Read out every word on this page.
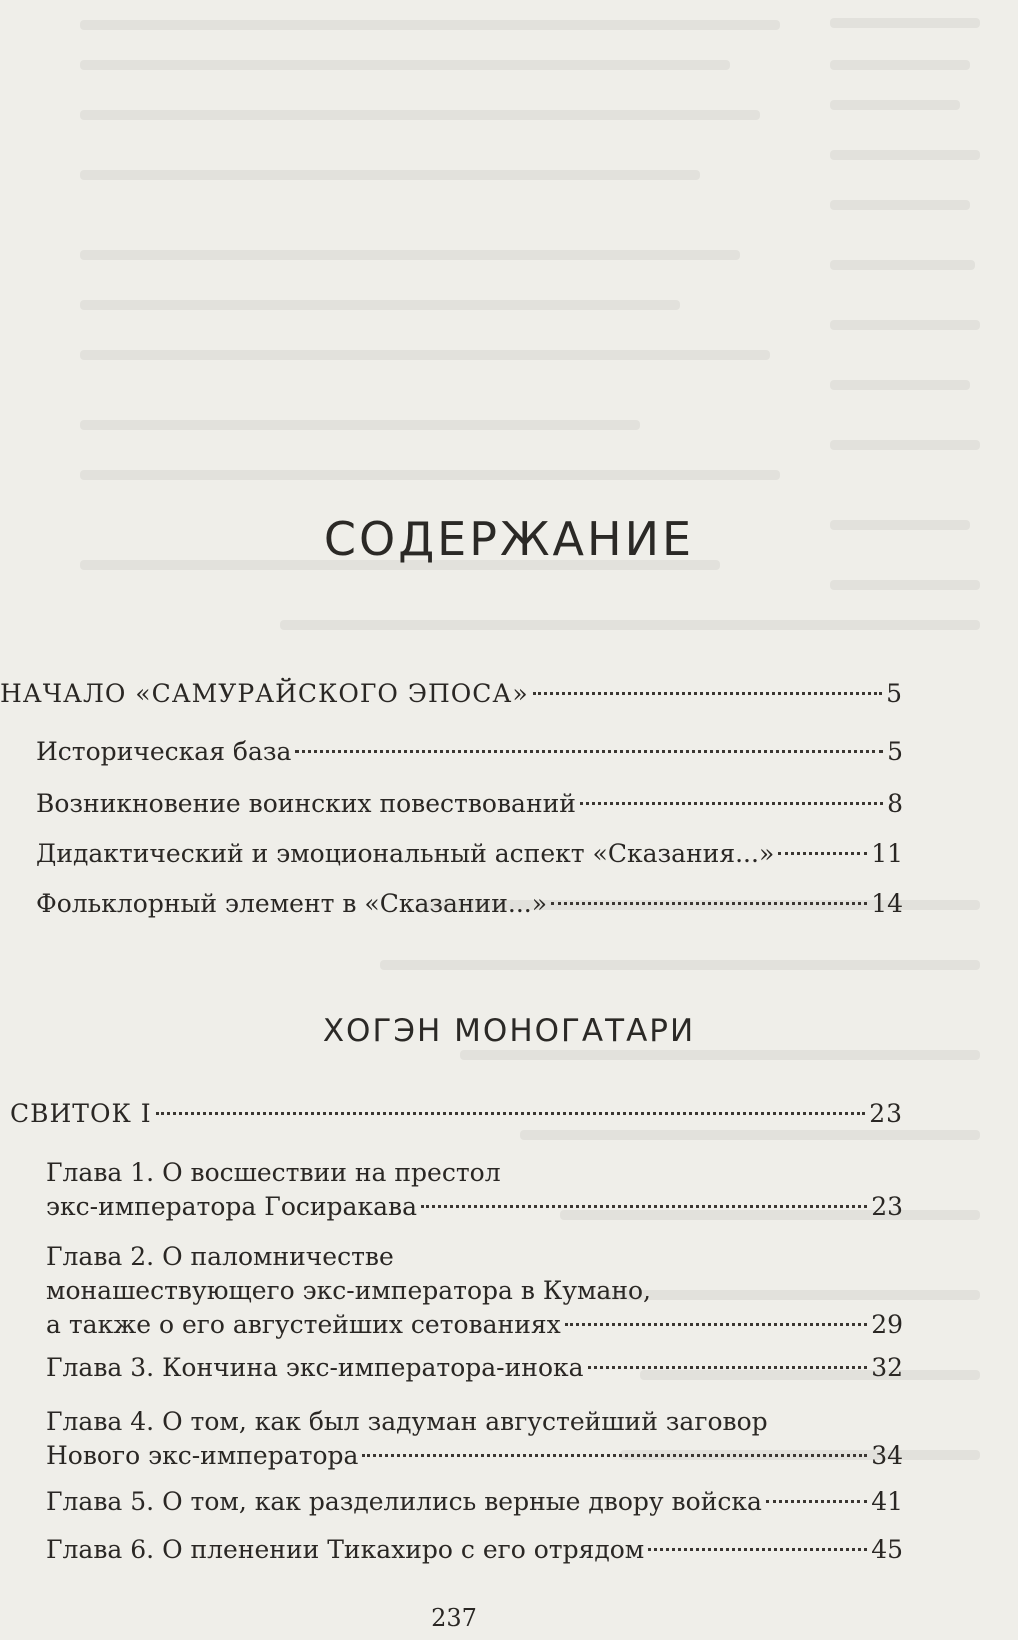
СОДЕРЖАНИЕ
НАЧАЛО «САМУРАЙСКОГО ЭПОСА»	5
Историческая база	5
Возникновение воинских повествований	8
Дидактический и эмоциональный аспект «Сказания...»	11
Фольклорный элемент в «Сказании...»	14
ХОГЭН МОНОГАТАРИ
СВИТОК I	23
Глава 1. О восшествии на престол
экс-императора Госиракава	23
Глава 2. О паломничестве
монашествующего экс-императора в Кумано,
а также о его августейших сетованиях	29
Глава 3. Кончина экс-императора-инока	32
Глава 4. О том, как был задуман августейший заговор
Нового экс-императора	34
Глава 5. О том, как разделились верные двору войска	41
Глава 6. О пленении Тикахиро с его отрядом	45
237
